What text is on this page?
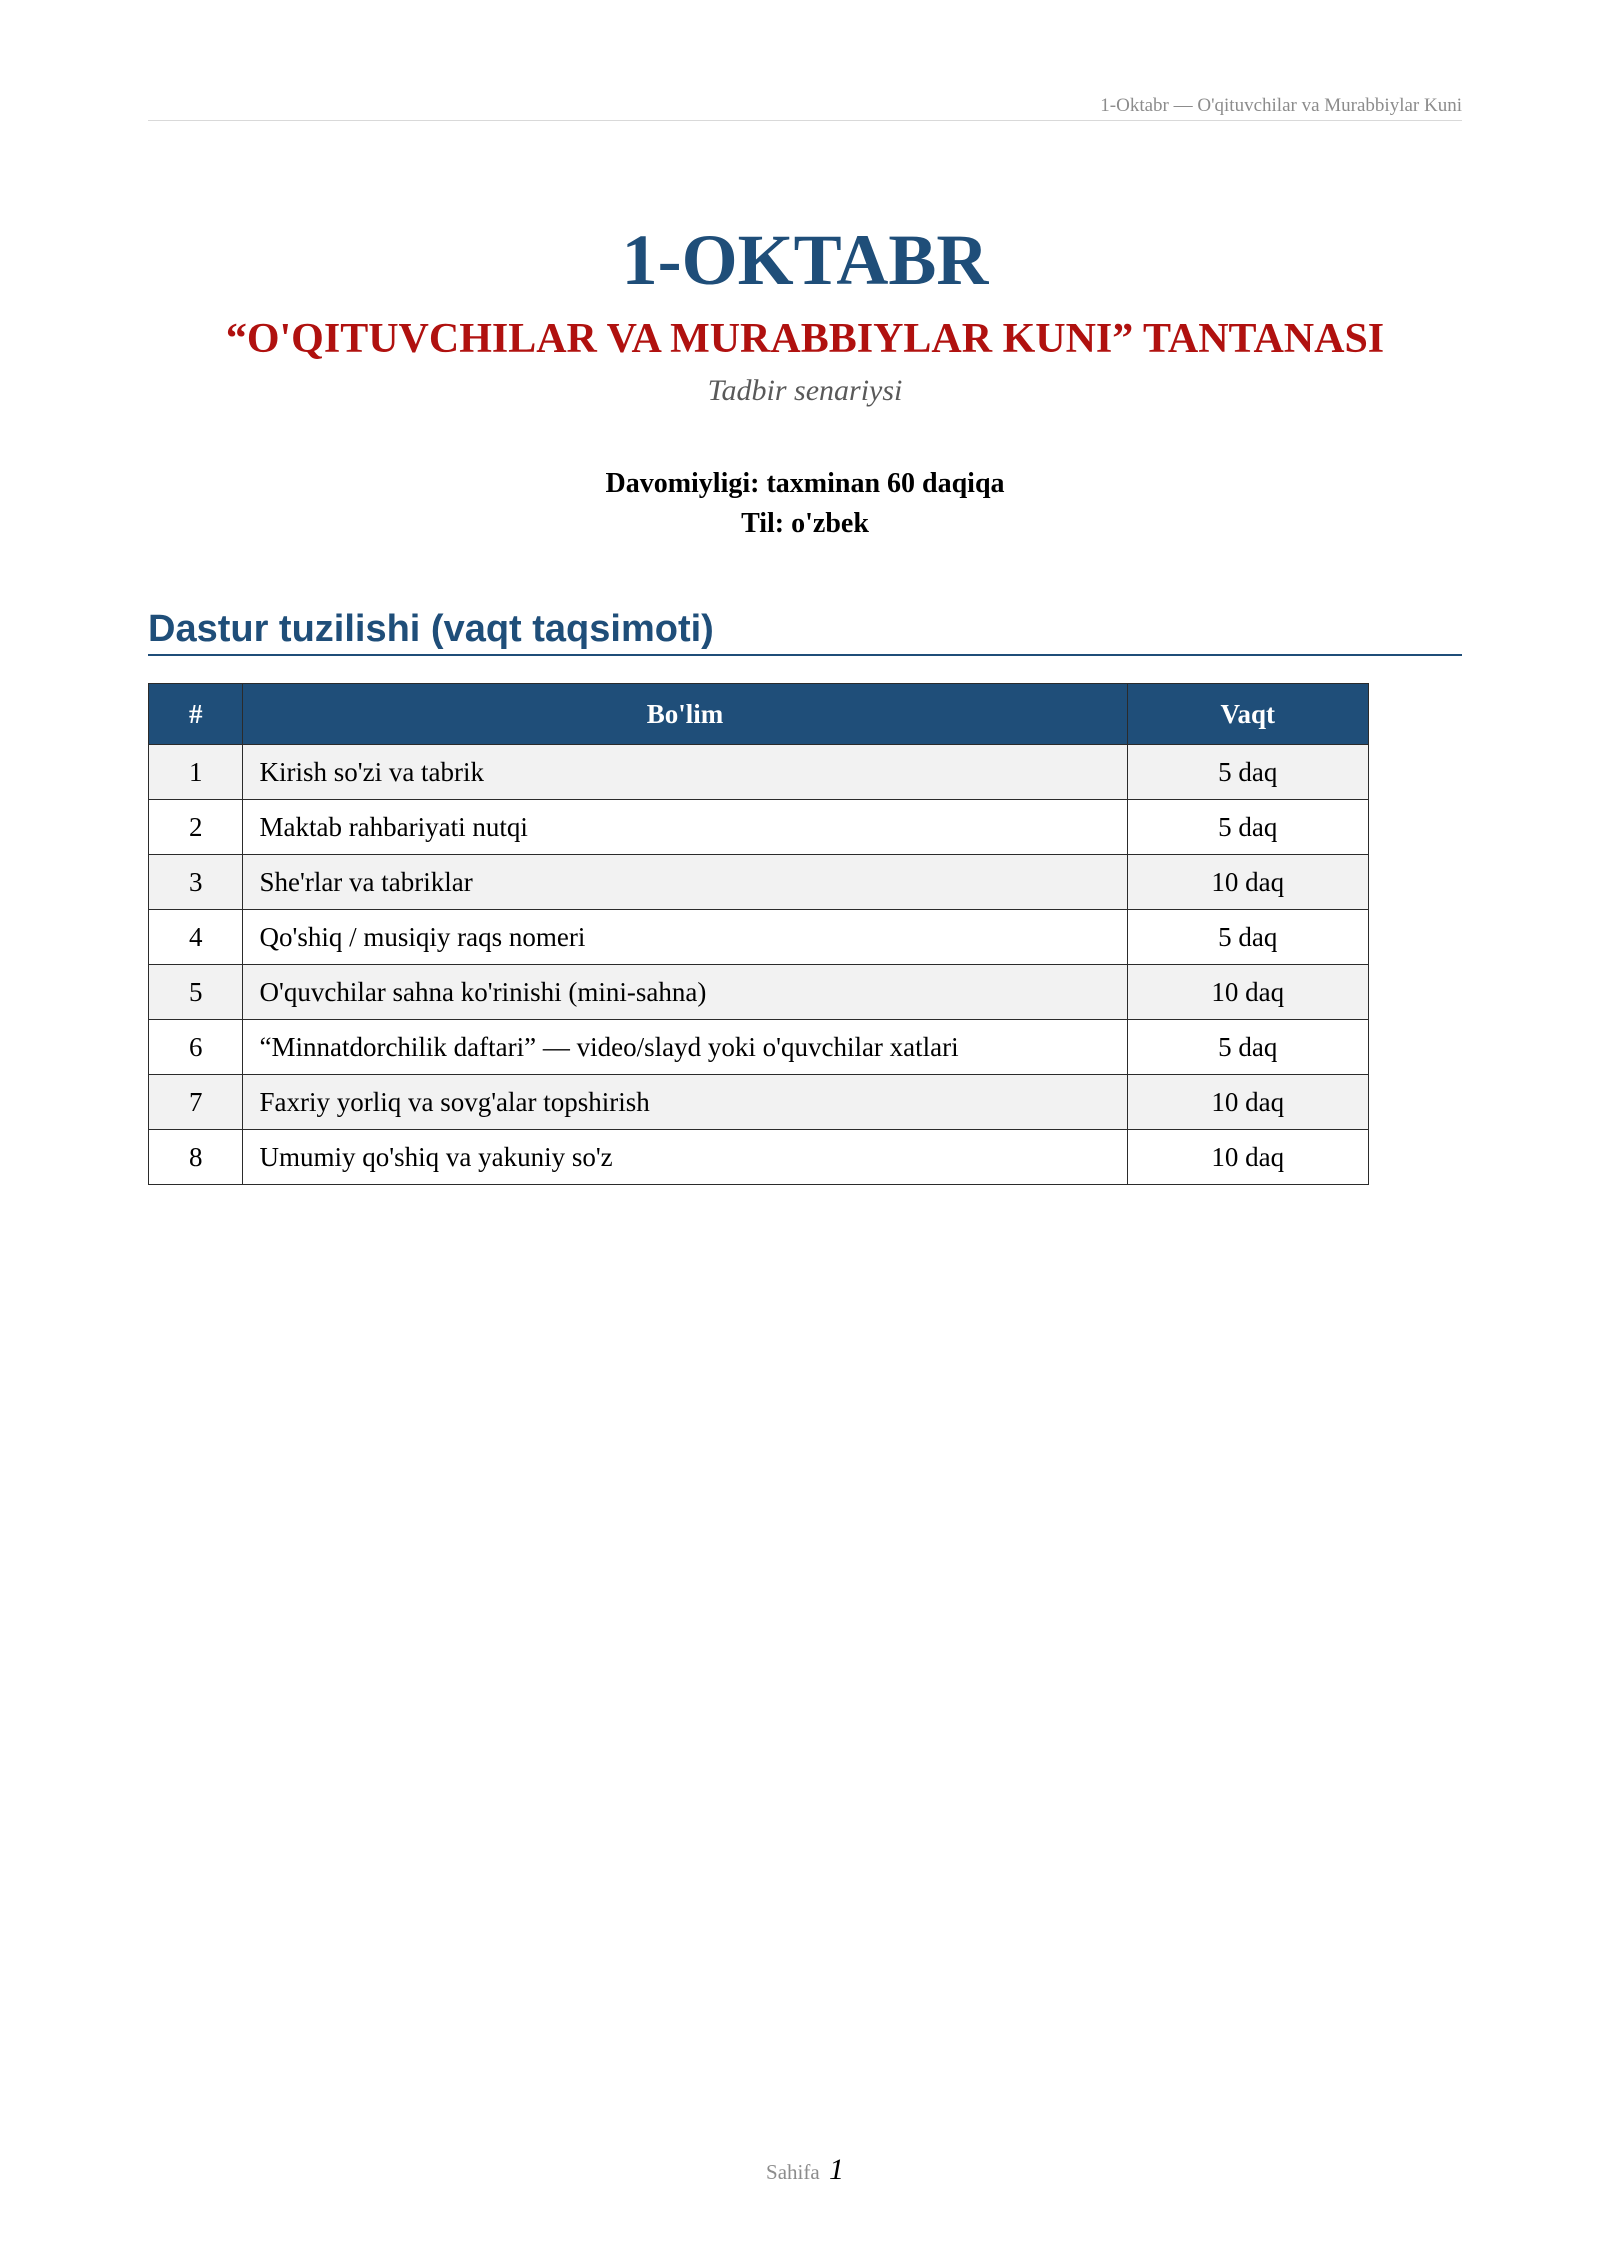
1-Oktabr — O'qituvchilar va Murabbiylar Kuni
1-OKTABR
“O'QITUVCHILAR VA MURABBIYLAR KUNI” TANTANASI
Tadbir senariysi
Davomiyligi: taxminan 60 daqiqa
Til: o'zbek
Dastur tuzilishi (vaqt taqsimoti)
#	Bo'lim	Vaqt
1	Kirish so'zi va tabrik	5 daq
2	Maktab rahbariyati nutqi	5 daq
3	She'rlar va tabriklar	10 daq
4	Qo'shiq / musiqiy raqs nomeri	5 daq
5	O'quvchilar sahna ko'rinishi (mini-sahna)	10 daq
6	“Minnatdorchilik daftari” — video/slayd yoki o'quvchilar xatlari	5 daq
7	Faxriy yorliq va sovg'alar topshirish	10 daq
8	Umumiy qo'shiq va yakuniy so'z	10 daq
Sahifa 1
